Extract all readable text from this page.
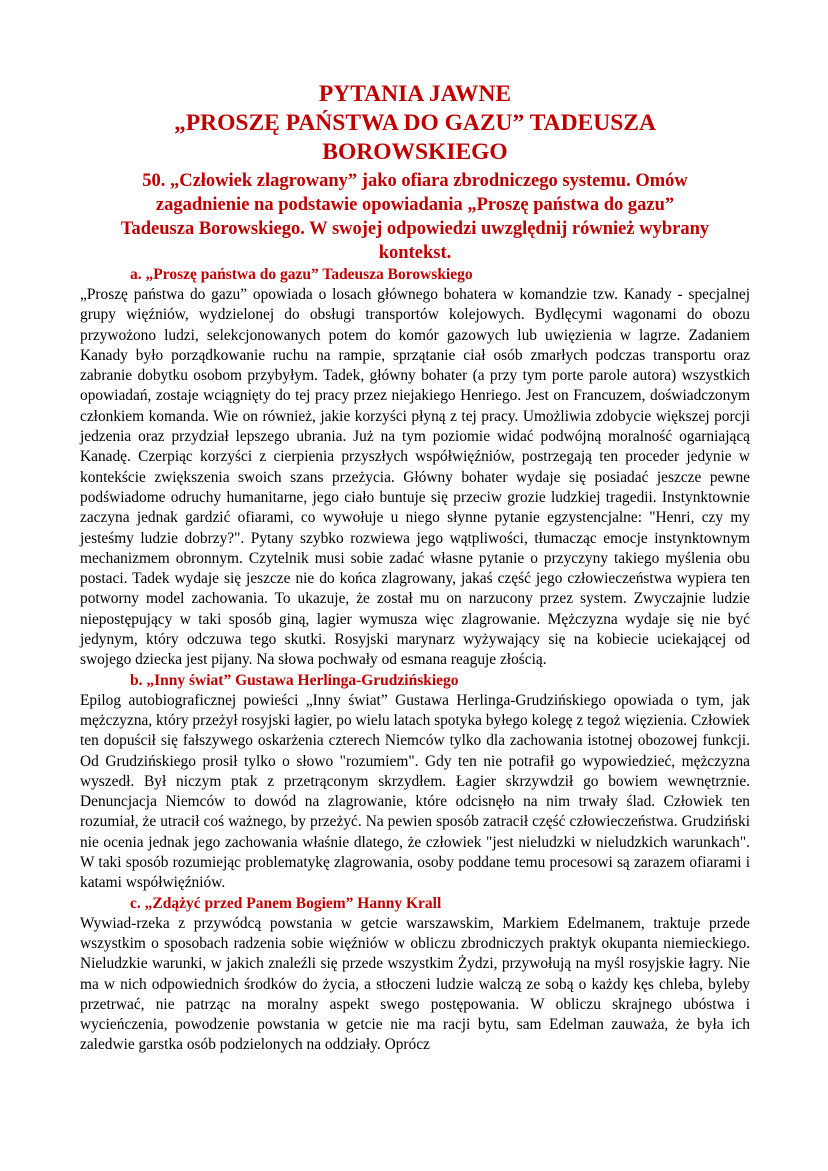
PYTANIA JAWNE
„PROSZĘ PAŃSTWA DO GAZU” TADEUSZA
BOROWSKIEGO
50. „Człowiek zlagrowany” jako ofiara zbrodniczego systemu. Omów
zagadnienie na podstawie opowiadania „Proszę państwa do gazu”
Tadeusza Borowskiego. W swojej odpowiedzi uwzględnij również wybrany
kontekst.
a. „Proszę państwa do gazu” Tadeusza Borowskiego

„Proszę państwa do gazu” opowiada o losach głównego bohatera w komandzie tzw. Kanady - specjalnej grupy więźniów, wydzielonej do obsługi transportów kolejowych. Bydlęcymi wagonami do obozu przywożono ludzi, selekcjonowanych potem do komór gazowych lub uwięzienia w lagrze. Zadaniem Kanady było porządkowanie ruchu na rampie, sprzątanie ciał osób zmarłych podczas transportu oraz zabranie dobytku osobom przybyłym. Tadek, główny bohater (a przy tym porte parole autora) wszystkich opowiadań, zostaje wciągnięty do tej pracy przez niejakiego Henriego. Jest on Francuzem, doświadczonym członkiem komanda. Wie on również, jakie korzyści płyną z tej pracy. Umożliwia zdobycie większej porcji jedzenia oraz przydział lepszego ubrania. Już na tym poziomie widać podwójną moralność ogarniającą Kanadę. Czerpiąc korzyści z cierpienia przyszłych współwięźniów, postrzegają ten proceder jedynie w kontekście zwiększenia swoich szans przeżycia. Główny bohater wydaje się posiadać jeszcze pewne podświadome odruchy humanitarne, jego ciało buntuje się przeciw grozie ludzkiej tragedii. Instynktownie zaczyna jednak gardzić ofiarami, co wywołuje u niego słynne pytanie egzystencjalne: "Henri, czy my jesteśmy ludzie dobrzy?". Pytany szybko rozwiewa jego wątpliwości, tłumacząc emocje instynktownym mechanizmem obronnym. Czytelnik musi sobie zadać własne pytanie o przyczyny takiego myślenia obu postaci. Tadek wydaje się jeszcze nie do końca zlagrowany, jakaś część jego człowieczeństwa wypiera ten potworny model zachowania. To ukazuje, że został mu on narzucony przez system. Zwyczajnie ludzie niepostępujący w taki sposób giną, lagier wymusza więc zlagrowanie. Mężczyzna wydaje się nie być jedynym, który odczuwa tego skutki. Rosyjski marynarz wyżywający się na kobiecie uciekającej od swojego dziecka jest pijany. Na słowa pochwały od esmana reaguje złością.

b. „Inny świat” Gustawa Herlinga-Grudzińskiego

Epilog autobiograficznej powieści „Inny świat” Gustawa Herlinga-Grudzińskiego opowiada o tym, jak mężczyzna, który przeżył rosyjski łagier, po wielu latach spotyka byłego kolegę z tegoż więzienia. Człowiek ten dopuścił się fałszywego oskarżenia czterech Niemców tylko dla zachowania istotnej obozowej funkcji. Od Grudzińskiego prosił tylko o słowo "rozumiem". Gdy ten nie potrafił go wypowiedzieć, mężczyzna wyszedł. Był niczym ptak z przetrąconym skrzydłem. Łagier skrzywdził go bowiem wewnętrznie. Denuncjacja Niemców to dowód na zlagrowanie, które odcisnęło na nim trwały ślad. Człowiek ten rozumiał, że utracił coś ważnego, by przeżyć. Na pewien sposób zatracił część człowieczeństwa. Grudziński nie ocenia jednak jego zachowania właśnie dlatego, że człowiek "jest nieludzki w nieludzkich warunkach". W taki sposób rozumiejąc problematykę zlagrowania, osoby poddane temu procesowi są zarazem ofiarami i katami współwięźniów.

c. „Zdążyć przed Panem Bogiem” Hanny Krall

Wywiad-rzeka z przywódcą powstania w getcie warszawskim, Markiem Edelmanem, traktuje przede wszystkim o sposobach radzenia sobie więźniów w obliczu zbrodniczych praktyk okupanta niemieckiego. Nieludzkie warunki, w jakich znaleźli się przede wszystkim Żydzi, przywołują na myśl rosyjskie łagry. Nie ma w nich odpowiednich środków do życia, a stłoczeni ludzie walczą ze sobą o każdy kęs chleba, byleby przetrwać, nie patrząc na moralny aspekt swego postępowania. W obliczu skrajnego ubóstwa i wycieńczenia, powodzenie powstania w getcie nie ma racji bytu, sam Edelman zauważa, że była ich zaledwie garstka osób podzielonych na oddziały. Oprócz
